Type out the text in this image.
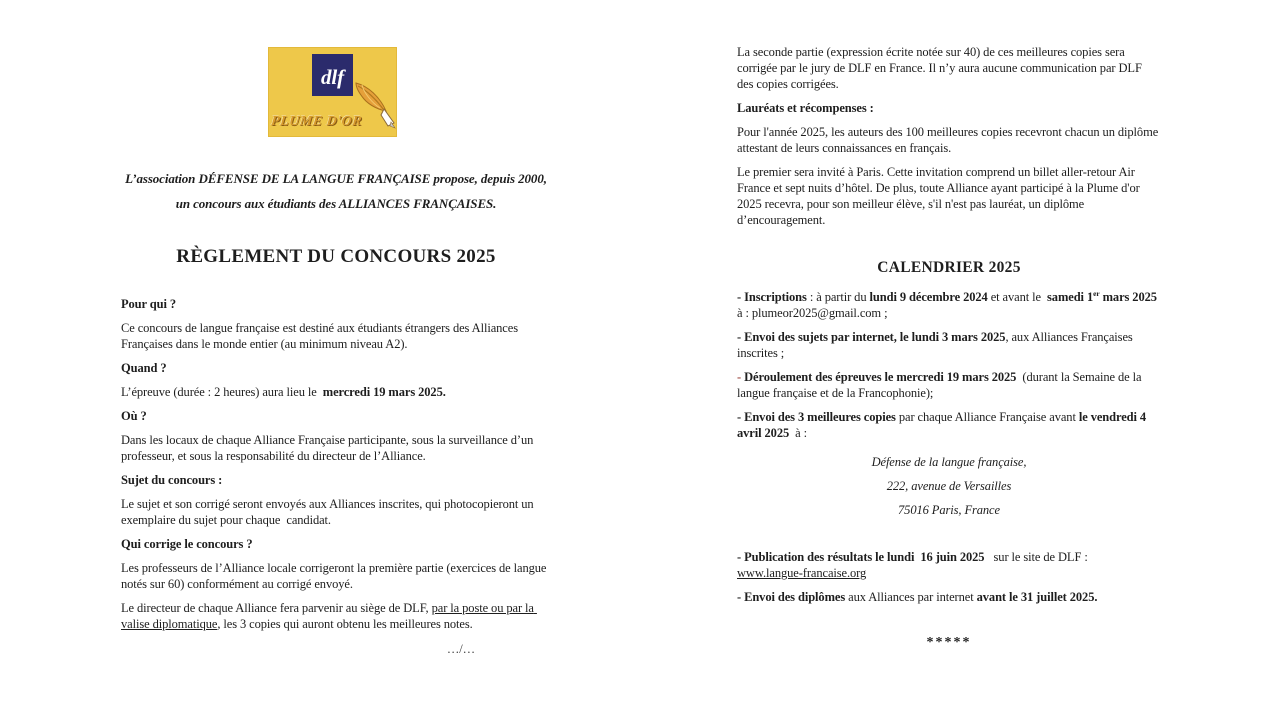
dlf
PLUME D'OR
L’association DÉFENSE DE LA LANGUE FRANÇAISE propose, depuis 2000,
un concours aux étudiants des ALLIANCES FRANÇAISES.
RÈGLEMENT DU CONCOURS 2025
Pour qui ?

Ce concours de langue française est destiné aux étudiants étrangers des Alliances Françaises dans le monde entier (au minimum niveau A2).

Quand ?

L’épreuve (durée : 2 heures) aura lieu le  mercredi 19 mars 2025.

Où ?

Dans les locaux de chaque Alliance Française participante, sous la surveillance d’un professeur, et sous la responsabilité du directeur de l’Alliance.

Sujet du concours :

Le sujet et son corrigé seront envoyés aux Alliances inscrites, qui photocopieront un exemplaire du sujet pour chaque  candidat.

Qui corrige le concours ?

Les professeurs de l’Alliance locale corrigeront la première partie (exercices de langue notés sur 60) conformément au corrigé envoyé.

Le directeur de chaque Alliance fera parvenir au siège de DLF, par la poste ou par la valise diplomatique, les 3 copies qui auront obtenu les meilleures notes.

…/…

La seconde partie (expression écrite notée sur 40) de ces meilleures copies sera corrigée par le jury de DLF en France. Il n’y aura aucune communication par DLF des copies corrigées.

Lauréats et récompenses :

Pour l'année 2025, les auteurs des 100 meilleures copies recevront chacun un diplôme attestant de leurs connaissances en français.

Le premier sera invité à Paris. Cette invitation comprend un billet aller-retour Air France et sept nuits d’hôtel. De plus, toute Alliance ayant participé à la Plume d'or 2025 recevra, pour son meilleur élève, s'il n'est pas lauréat, un diplôme d’encouragement.

CALENDRIER 2025

- Inscriptions : à partir du lundi 9 décembre 2024 et avant le  samedi 1er mars 2025 à : plumeor2025@gmail.com ;

- Envoi des sujets par internet, le lundi 3 mars 2025, aux Alliances Françaises inscrites ;

- Déroulement des épreuves le mercredi 19 mars 2025  (durant la Semaine de la langue française et de la Francophonie);

- Envoi des 3 meilleures copies par chaque Alliance Française avant le vendredi 4 avril 2025  à :

Défense de la langue française,
222, avenue de Versailles
75016 Paris, France

- Publication des résultats le lundi  16 juin 2025   sur le site de DLF :
www.langue-francaise.org

- Envoi des diplômes aux Alliances par internet avant le 31 juillet 2025.

*****
